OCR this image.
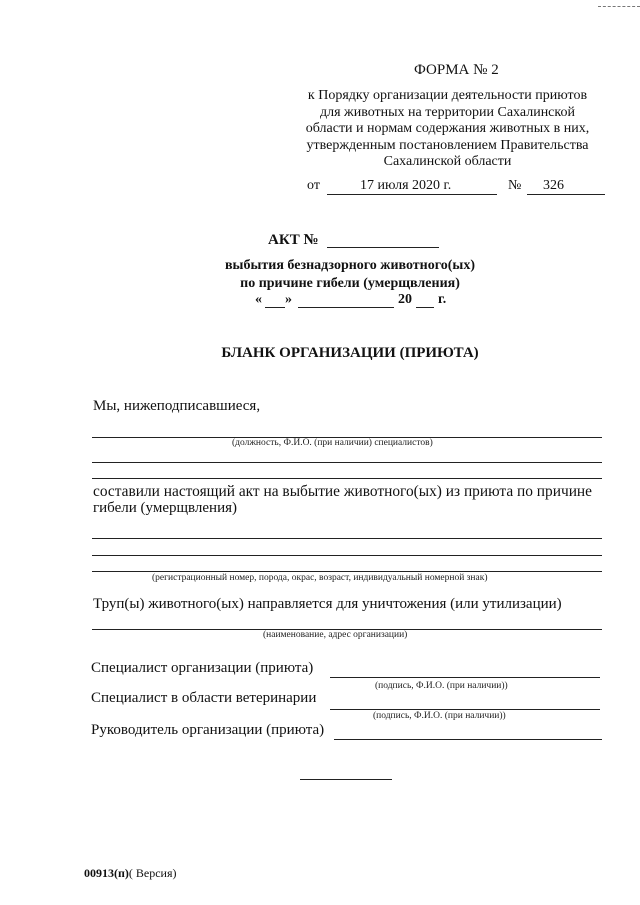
ФОРМА № 2
к Порядку организации деятельности приютов
для животных на территории Сахалинской
области и нормам содержания животных в них,
утвержденным постановлением Правительства
Сахалинской области
от	17 июля 2020 г.	№ 326
АКТ №
выбытия безнадзорного животного(ых)
по причине гибели (умерщвления)
« »	20 г.
БЛАНК ОРГАНИЗАЦИИ (ПРИЮТА)
Мы, нижеподписавшиеся,
(должность, Ф.И.О. (при наличии) специалистов)
составили настоящий акт на выбытие животного(ых) из приюта по причине
гибели (умерщвления)
(регистрационный номер, порода, окрас, возраст, индивидуальный номерной знак)
Труп(ы) животного(ых) направляется для уничтожения (или утилизации)
(наименование, адрес организации)
Специалист организации (приюта)
(подпись, Ф.И.О. (при наличии))
Специалист в области ветеринарии
(подпись, Ф.И.О. (при наличии))
Руководитель организации (приюта)
00913(п)( Версия)
